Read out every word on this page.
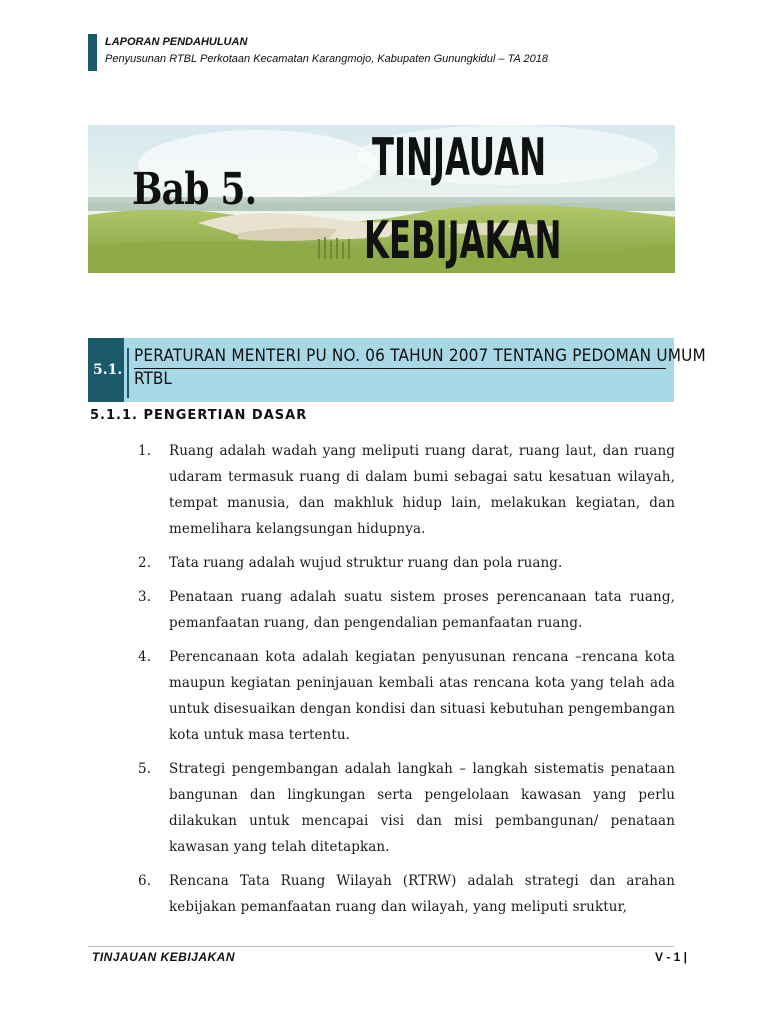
LAPORAN PENDAHULUAN
Penyusunan RTBL Perkotaan Kecamatan Karangmojo, Kabupaten Gunungkidul – TA 2018
Bab 5.
TINJAUAN
KEBIJAKAN
5.1.
PERATURAN MENTERI PU NO. 06 TAHUN 2007 TENTANG PEDOMAN UMUM
RTBL
5.1.1. PENGERTIAN DASAR
1. Ruang adalah wadah yang meliputi ruang darat, ruang laut, dan ruang udaram termasuk ruang di dalam bumi sebagai satu kesatuan wilayah, tempat manusia, dan makhluk hidup lain, melakukan kegiatan, dan memelihara kelangsungan hidupnya.
2. Tata ruang adalah wujud struktur ruang dan pola ruang.
3. Penataan ruang adalah suatu sistem proses perencanaan tata ruang, pemanfaatan ruang, dan pengendalian pemanfaatan ruang.
4. Perencanaan kota adalah kegiatan penyusunan rencana –rencana kota maupun kegiatan peninjauan kembali atas rencana kota yang telah ada untuk disesuaikan dengan kondisi dan situasi kebutuhan pengembangan kota untuk masa tertentu.
5. Strategi pengembangan adalah langkah – langkah sistematis penataan bangunan dan lingkungan serta pengelolaan kawasan yang perlu dilakukan untuk mencapai visi dan misi pembangunan/ penataan kawasan yang telah ditetapkan.
6. Rencana Tata Ruang Wilayah (RTRW) adalah strategi dan arahan kebijakan pemanfaatan ruang dan wilayah, yang meliputi sruktur,
TINJAUAN KEBIJAKAN	V - 1 |
